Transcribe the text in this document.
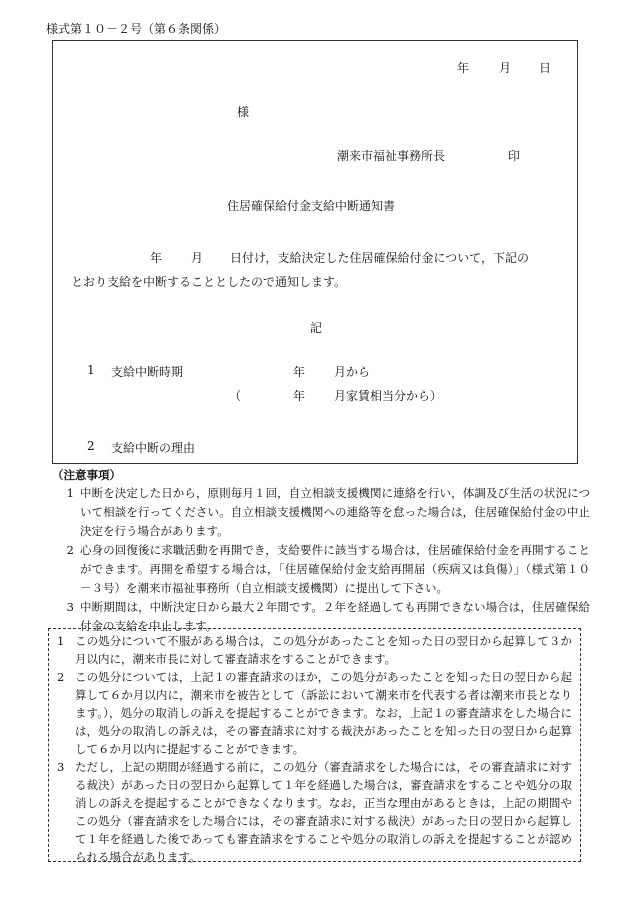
様式第１０－２号（第６条関係）
年 月 日
様
潮来市福祉事務所長	印
住居確保給付金支給中断通知書
年 月 日付け，支給決定した住居確保給付金について，下記の
とおり支給を中断することとしたので通知します。
記
1 支給中断時期	年 月から
（	年 月家賃相当分から）
2 支給中断の理由
（注意事項）
1 中断を決定した日から，原則毎月１回，自立相談支援機関に連絡を行い，体調及び生活の状況について相談を行ってください。自立相談支援機関への連絡等を怠った場合は，住居確保給付金の中止決定を行う場合があります。
2 心身の回復後に求職活動を再開でき，支給要件に該当する場合は，住居確保給付金を再開することができます。再開を希望する場合は，「住居確保給付金支給再開届（疾病又は負傷）」（様式第１０－３号）を潮来市福祉事務所（自立相談支援機関）に提出して下さい。
3 中断期間は，中断決定日から最大２年間です。２年を経過しても再開できない場合は，住居確保給付金の支給を中止します。
1 この処分について不服がある場合は，この処分があったことを知った日の翌日から起算して３か月以内に，潮来市長に対して審査請求をすることができます。
2 この処分については，上記１の審査請求のほか，この処分があったことを知った日の翌日から起算して６か月以内に，潮来市を被告として（訴訟において潮来市を代表する者は潮来市長となります。），処分の取消しの訴えを提起することができます。なお，上記１の審査請求をした場合には，処分の取消しの訴えは，その審査請求に対する裁決があったことを知った日の翌日から起算して６か月以内に提起することができます。
3 ただし，上記の期間が経過する前に，この処分（審査請求をした場合には，その審査請求に対する裁決）があった日の翌日から起算して１年を経過した場合は，審査請求をすることや処分の取消しの訴えを提起することができなくなります。なお，正当な理由があるときは，上記の期間やこの処分（審査請求をした場合には，その審査請求に対する裁決）があった日の翌日から起算して１年を経過した後であっても審査請求をすることや処分の取消しの訴えを提起することが認められる場合があります。
